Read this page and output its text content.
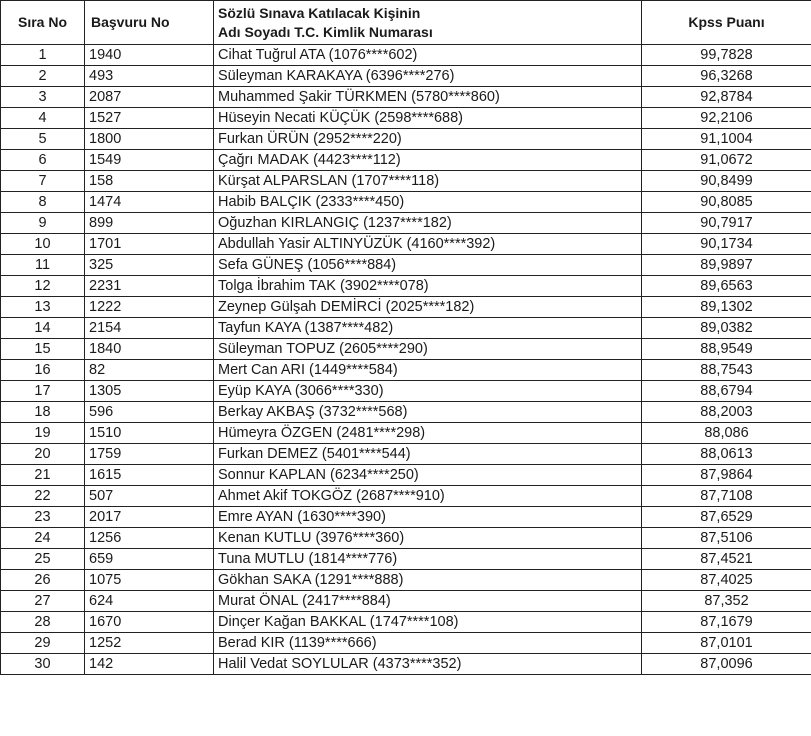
Sıra No	Başvuru No	Sözlü Sınava Katılacak Kişinin
Adı Soyadı T.C. Kimlik Numarası	Kpss Puanı
1	1940	Cihat Tuğrul ATA (1076****602)	99,7828
2	493	Süleyman KARAKAYA (6396****276)	96,3268
3	2087	Muhammed Şakir TÜRKMEN (5780****860)	92,8784
4	1527	Hüseyin Necati KÜÇÜK (2598****688)	92,2106
5	1800	Furkan ÜRÜN (2952****220)	91,1004
6	1549	Çağrı MADAK (4423****112)	91,0672
7	158	Kürşat ALPARSLAN (1707****118)	90,8499
8	1474	Habib BALÇIK (2333****450)	90,8085
9	899	Oğuzhan KIRLANGIÇ (1237****182)	90,7917
10	1701	Abdullah Yasir ALTINYÜZÜK (4160****392)	90,1734
11	325	Sefa GÜNEŞ (1056****884)	89,9897
12	2231	Tolga İbrahim TAK (3902****078)	89,6563
13	1222	Zeynep Gülşah DEMİRCİ (2025****182)	89,1302
14	2154	Tayfun KAYA (1387****482)	89,0382
15	1840	Süleyman TOPUZ (2605****290)	88,9549
16	82	Mert Can ARI (1449****584)	88,7543
17	1305	Eyüp KAYA (3066****330)	88,6794
18	596	Berkay AKBAŞ (3732****568)	88,2003
19	1510	Hümeyra ÖZGEN (2481****298)	88,086
20	1759	Furkan DEMEZ (5401****544)	88,0613
21	1615	Sonnur KAPLAN (6234****250)	87,9864
22	507	Ahmet Akif TOKGÖZ (2687****910)	87,7108
23	2017	Emre AYAN (1630****390)	87,6529
24	1256	Kenan KUTLU (3976****360)	87,5106
25	659	Tuna MUTLU (1814****776)	87,4521
26	1075	Gökhan SAKA (1291****888)	87,4025
27	624	Murat ÖNAL (2417****884)	87,352
28	1670	Dinçer Kağan BAKKAL (1747****108)	87,1679
29	1252	Berad KIR (1139****666)	87,0101
30	142	Halil Vedat SOYLULAR (4373****352)	87,0096
